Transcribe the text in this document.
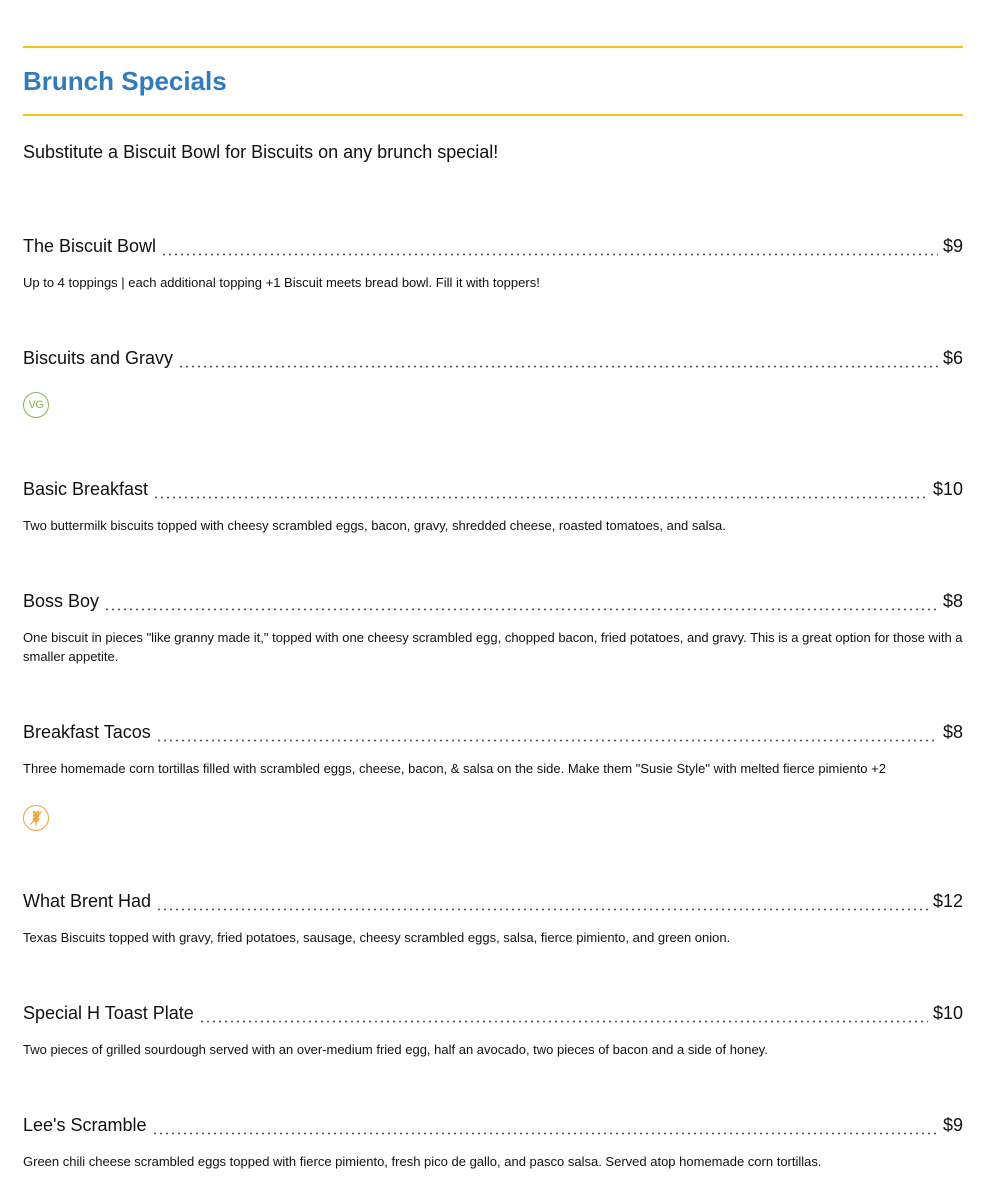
Brunch Specials

Substitute a Biscuit Bowl for Biscuits on any brunch special!

The Biscuit Bowl	$9

Up to 4 toppings | each additional topping +1 Biscuit meets bread bowl. Fill it with toppers!

Biscuits and Gravy	$6
VG
Basic Breakfast	$10

Two buttermilk biscuits topped with cheesy scrambled eggs, bacon, gravy, shredded cheese, roasted tomatoes, and salsa.

Boss Boy	$8

One biscuit in pieces "like granny made it," topped with one cheesy scrambled egg, chopped bacon, fried potatoes, and gravy. This is a great option for those with a smaller appetite.

Breakfast Tacos	$8

Three homemade corn tortillas filled with scrambled eggs, cheese, bacon, & salsa on the side. Make them "Susie Style" with melted fierce pimiento +2

What Brent Had	$12

Texas Biscuits topped with gravy, fried potatoes, sausage, cheesy scrambled eggs, salsa, fierce pimiento, and green onion.

Special H Toast Plate	$10

Two pieces of grilled sourdough served with an over-medium fried egg, half an avocado, two pieces of bacon and a side of honey.

Lee's Scramble	$9

Green chili cheese scrambled eggs topped with fierce pimiento, fresh pico de gallo, and pasco salsa. Served atop homemade corn tortillas.
